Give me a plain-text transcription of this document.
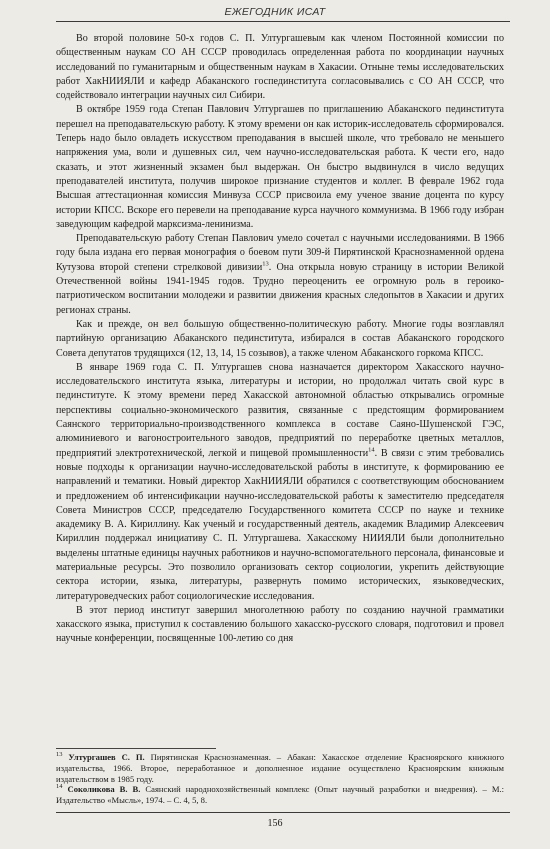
ЕЖЕГОДНИК ИСАТ

Во второй половине 50-х годов С. П. Ултургашевым как членом Постоянной комиссии по общественным наукам СО АН СССР проводилась определенная работа по координации научных исследований по гуманитарным и общественным наукам в Хакасии. Отныне темы исследовательских работ ХакНИИЯЛИ и кафедр Абаканского госпединститута согласовывались с СО АН СССР, что содействовало интеграции научных сил Сибири.

В октябре 1959 года Степан Павлович Ултургашев по приглашению Абаканского пединститута перешел на преподавательскую работу. К этому времени он как историк-исследователь сформировался. Теперь надо было овладеть искусством преподавания в высшей школе, что требовало не меньшего напряжения ума, воли и душевных сил, чем научно-исследовательская работа. К чести его, надо сказать, и этот жизненный экзамен был выдержан. Он быстро выдвинулся в число ведущих преподавателей института, получив широкое признание студентов и коллег. В феврале 1962 года Высшая аттестационная комиссия Минвуза СССР присвоила ему ученое звание доцента по курсу истории КПСС. Вскоре его перевели на преподавание курса научного коммунизма. В 1966 году избран заведующим кафедрой марксизма-ленинизма.

Преподавательскую работу Степан Павлович умело сочетал с научными исследованиями. В 1966 году была издана его первая монография о боевом пути 309-й Пирятинской Краснознаменной ордена Кутузова второй степени стрелковой дивизии$^{13}$. Она открыла новую страницу в истории Великой Отечественной войны 1941-1945 годов. Трудно переоценить ее огромную роль в героико-патриотическом воспитании молодежи и развитии движения красных следопытов в Хакасии и других регионах страны.

Как и прежде, он вел большую общественно-политическую работу. Многие годы возглавлял партийную организацию Абаканского пединститута, избирался в состав Абаканского городского Совета депутатов трудящихся (12, 13, 14, 15 созывов), а также членом Абаканского горкома КПСС.

В январе 1969 года С. П. Ултургашев снова назначается директором Хакасского научно-исследовательского института языка, литературы и истории, но продолжал читать свой курс в пединституте. К этому времени перед Хакасской автономной областью открывались огромные перспективы социально-экономического развития, связанные с предстоящим формированием Саянского территориально-производственного комплекса в составе Саяно-Шушенской ГЭС, алюминиевого и вагоностроительного заводов, предприятий по переработке цветных металлов, предприятий электротехнической, легкой и пищевой промышленности$^{14}$. В связи с этим требовались новые подходы к организации научно-исследовательской работы в институте, к формированию ее направлений и тематики. Новый директор ХакНИИЯЛИ обратился с соответствующим обоснованием и предложением об интенсификации научно-исследовательской работы к заместителю председателя Совета Министров СССР, председателю Государственного комитета СССР по науке и технике академику В. А. Кириллину. Как ученый и государственный деятель, академик Владимир Алексеевич Кириллин поддержал инициативу С. П. Ултургашева. Хакасскому НИИЯЛИ были дополнительно выделены штатные единицы научных работников и научно-вспомогательного персонала, финансовые и материальные ресурсы. Это позволило организовать сектор социологии, укрепить действующие сектора истории, языка, литературы, развернуть помимо исторических, языковедческих, литературоведческих работ социологические исследования.

В этот период институт завершил многолетнюю работу по созданию научной грамматики хакасского языка, приступил к составлению большого хакасско-русского словаря, подготовил и провел научные конференции, посвященные 100-летию со дня

$^{13}$ Ултургашев С. П. Пирятинская Краснознаменная. – Абакан: Хакасское отделение Красноярского книжного издательства, 1966. Второе, переработанное и дополненное издание осуществлено Красноярским книжным издательством в 1985 году.

$^{14}$ Соколикова В. В. Саянский народнохозяйственный комплекс (Опыт научный разработки и внедрения). – М.: Издательство «Мысль», 1974. – С. 4, 5, 8.

156
